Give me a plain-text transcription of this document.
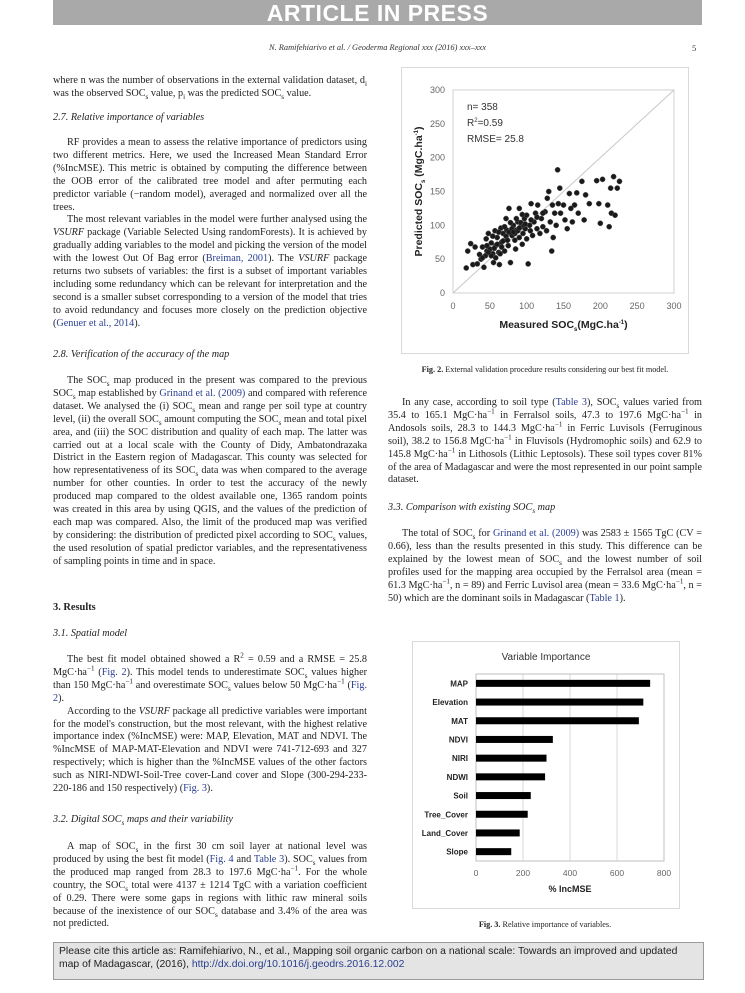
ARTICLE IN PRESS
N. Ramifehiarivo et al. / Geoderma Regional xxx (2016) xxx–xxx	5

where n was the number of observations in the external validation dataset, $d_i$ was the observed $SOC_s$ value, $p_i$ was the predicted $SOC_s$ value.

2.7. Relative importance of variables

RF provides a mean to assess the relative importance of predictors using two different metrics. Here, we used the Increased Mean Standard Error (%IncMSE). This metric is obtained by computing the difference between the OOB error of the calibrated tree model and after permuting each predictor variable (−random model), averaged and normalized over all the trees.

The most relevant variables in the model were further analysed using the VSURF package (Variable Selected Using randomForests). It is achieved by gradually adding variables to the model and picking the version of the model with the lowest Out Of Bag error (Breiman, 2001). The VSURF package returns two subsets of variables: the first is a subset of important variables including some redundancy which can be relevant for interpretation and the second is a smaller subset corresponding to a version of the model that tries to avoid redundancy and focuses more closely on the prediction objective (Genuer et al., 2014).

2.8. Verification of the accuracy of the map

The $SOC_s$ map produced in the present was compared to the previous $SOC_s$ map established by Grinand et al. (2009) and compared with reference dataset. We analysed the (i) $SOC_s$ mean and range per soil type at country level, (ii) the overall $SOC_s$ amount computing the $SOC_s$ mean and total pixel area, and (iii) the SOC distribution and quality of each map. The latter was carried out at a local scale with the County of Didy, Ambatondrazaka District in the Eastern region of Madagascar. This county was selected for how representativeness of its $SOC_s$ data was when compared to the average number for other counties. In order to test the accuracy of the newly produced map compared to the oldest available one, 1365 random points was created in this area by using QGIS, and the values of the prediction of each map was compared. Also, the limit of the produced map was verified by considering: the distribution of predicted pixel according to $SOC_s$ values, the used resolution of spatial predictor variables, and the representativeness of sampling points in time and in space.

3. Results
3.1. Spatial model

The best fit model obtained showed a $R^2 = 0.59$ and a RMSE = 25.8 $MgC\cdot ha^{-1}$ (Fig. 2). This model tends to underestimate $SOC_s$ values higher than 150 $MgC\cdot ha^{-1}$ and overestimate $SOC_s$ values below 50 $MgC\cdot ha^{-1}$ (Fig. 2).

According to the VSURF package all predictive variables were important for the model's construction, but the most relevant, with the highest relative importance index (%IncMSE) were: MAP, Elevation, MAT and NDVI. The %IncMSE of MAP-MAT-Elevation and NDVI were 741-712-693 and 327 respectively; which is higher than the %IncMSE values of the other factors such as NIRI-NDWI-Soil-Tree cover-Land cover and Slope (300-294-233-220-186 and 150 respectively) (Fig. 3).

3.2. Digital $SOC_s$ maps and their variability

A map of $SOC_s$ in the first 30 cm soil layer at national level was produced by using the best fit model (Fig. 4 and Table 3). $SOC_s$ values from the produced map ranged from 28.3 to 197.6 $MgC\cdot ha^{-1}$. For the whole country, the $SOC_s$ total were 4137 ± 1214 TgC with a variation coefficient of 0.29. There were some gaps in regions with lithic raw mineral soils because of the inexistence of our $SOC_s$ database and 3.4% of the area was not predicted.

0	50	100 150 200 250 300
0
50
100
150
200
250
300
n= 358
$R^2=0.59$
RMSE= 25.8
Measured $SOC_s(MgC.ha^{-1})$
Predicted $SOC_s$ $(MgC.ha^{-1})$
Fig. 2. External validation procedure results considering our best fit model.

In any case, according to soil type (Table 3), $SOC_s$ values varied from 35.4 to 165.1 $MgC\cdot ha^{-1}$ in Ferralsol soils, 47.3 to 197.6 $MgC\cdot ha^{-1}$ in Andosols soils, 28.3 to 144.3 $MgC\cdot ha^{-1}$ in Ferric Luvisols (Ferruginous soil), 38.2 to 156.8 $MgC\cdot ha^{-1}$ in Fluvisols (Hydromophic soils) and 62.9 to 145.8 $MgC\cdot ha^{-1}$ in Lithosols (Lithic Leptosols). These soil types cover 81% of the area of Madagascar and were the most represented in our point sample dataset.

3.3. Comparison with existing $SOC_s$ map

The total of $SOC_s$ for Grinand et al. (2009) was 2583 ± 1565 TgC (CV = 0.66), less than the results presented in this study. This difference can be explained by the lowest mean of $SOC_s$ and the lowest number of soil profiles used for the mapping area occupied by the Ferralsol area (mean = 61.3 $MgC\cdot ha^{-1}$, n = 89) and Ferric Luvisol area (mean = 33.6 $MgC\cdot ha^{-1}$, n = 50) which are the dominant soils in Madagascar (Table 1).

Variable Importance
MAP
Elevation
MAT
NDVI
NIRI
NDWI
Soil
Tree_Cover
Land_Cover
Slope
0	200	400	600	800
% IncMSE
Fig. 3. Relative importance of variables.
Please cite this article as: Ramifehiarivo, N., et al., Mapping soil organic carbon on a national scale: Towards an improved and updated map of Madagascar, (2016), http://dx.doi.org/10.1016/j.geodrs.2016.12.002
